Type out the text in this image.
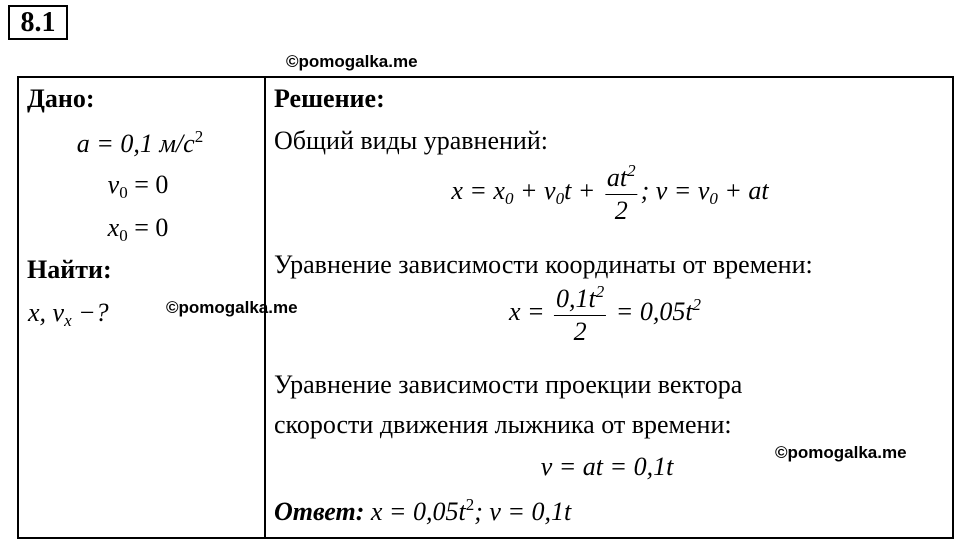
8.1
©pomogalka.me
Дано:
a = 0,1 $м/с^2$
$v_0 = 0$
$x_0 = 0$
Найти:
x, $v_x$ −?	©pomogalka.me
Решение:
Общий виды уравнений:
$x = x_0 + v_0t + \frac{at^2}{2}$ ; $v = v_0$ + at
Уравнение зависимости координаты от времени:
$x = \frac{0,1t^2}{2} = 0,05t^2$
Уравнение зависимости проекции вектора
скорости движения лыжника от времени:
v = at = 0,1t	©pomogalka.me
Ответ: $x = 0,05t^2$; v = 0,1t
